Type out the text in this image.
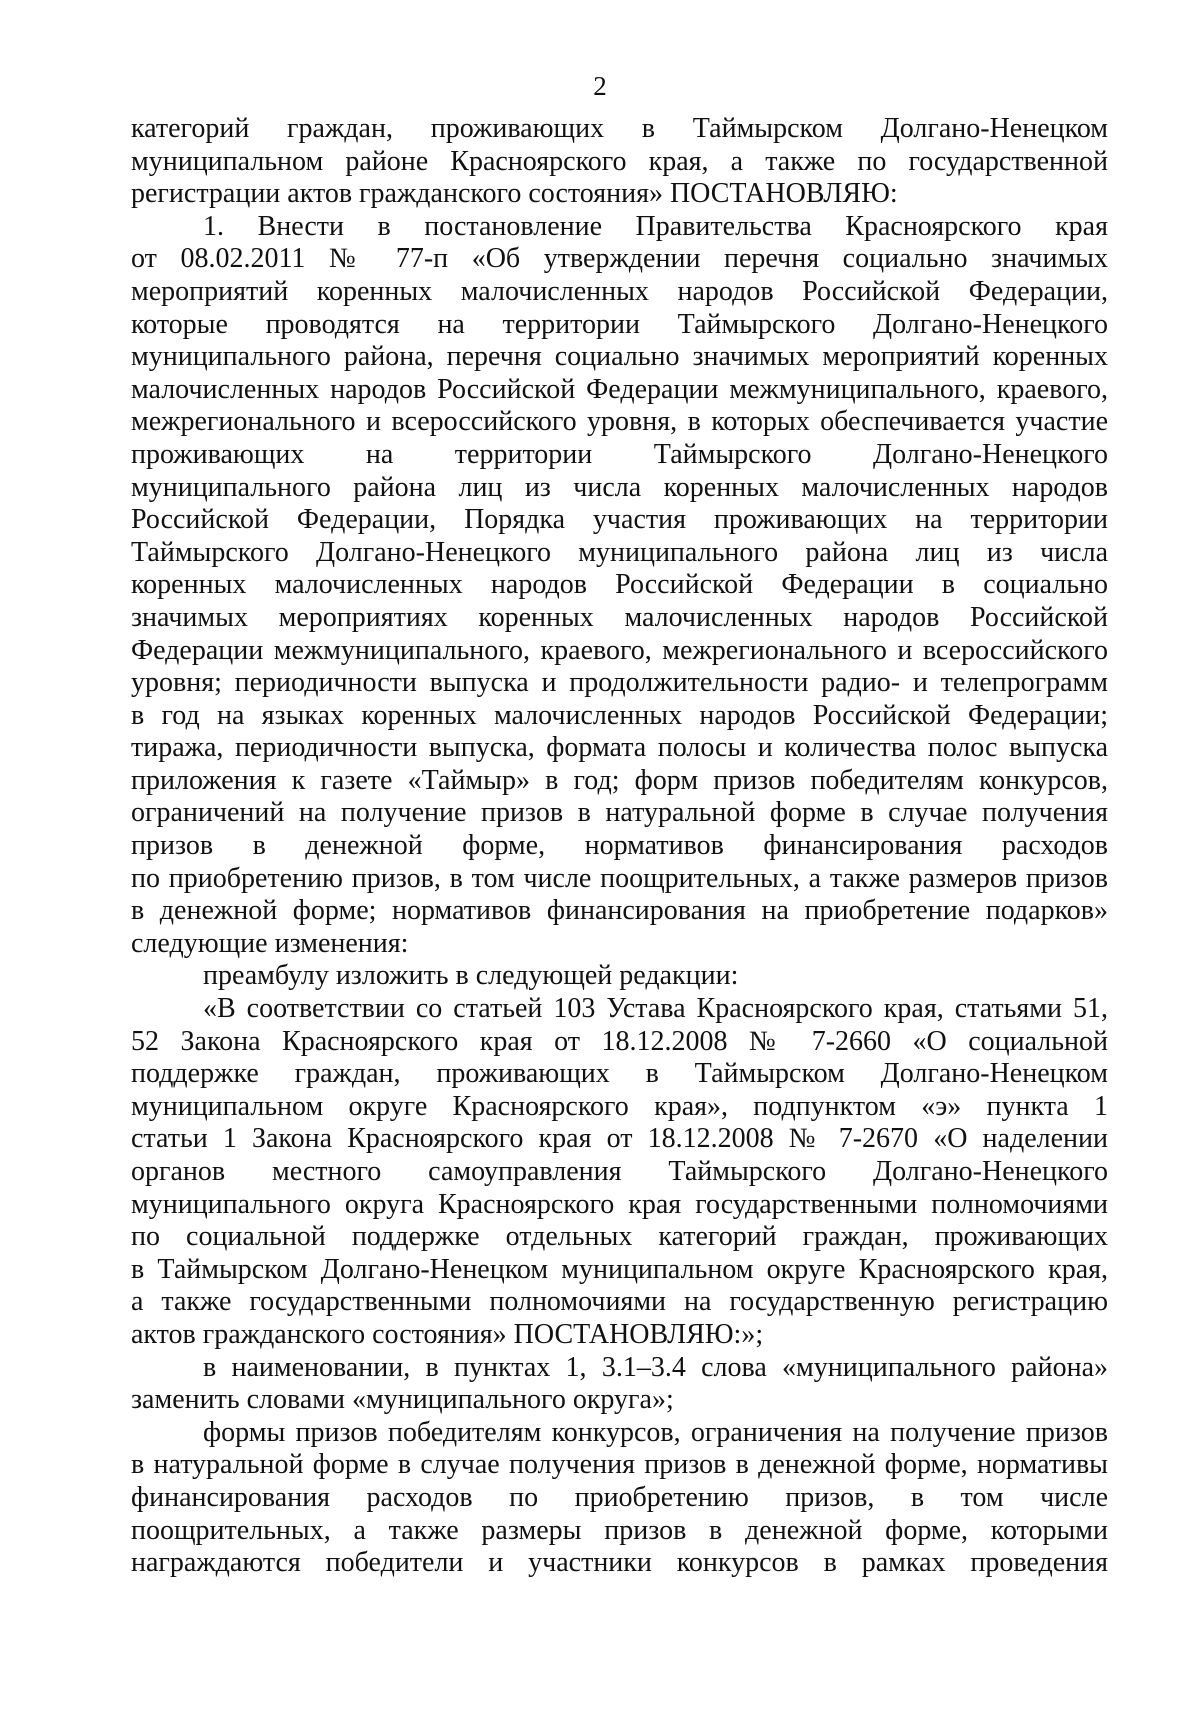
2
категорий граждан, проживающих в Таймырском Долгано-Ненецком
муниципальном районе Красноярского края, а также по государственной
регистрации актов гражданского состояния» ПОСТАНОВЛЯЮ:
1. Внести в постановление Правительства Красноярского края
от 08.02.2011 № 77-п «Об утверждении перечня социально значимых
мероприятий коренных малочисленных народов Российской Федерации,
которые проводятся на территории Таймырского Долгано-Ненецкого
муниципального района, перечня социально значимых мероприятий коренных
малочисленных народов Российской Федерации межмуниципального, краевого,
межрегионального и всероссийского уровня, в которых обеспечивается участие
проживающих на территории Таймырского Долгано-Ненецкого
муниципального района лиц из числа коренных малочисленных народов
Российской Федерации, Порядка участия проживающих на территории
Таймырского Долгано-Ненецкого муниципального района лиц из числа
коренных малочисленных народов Российской Федерации в социально
значимых мероприятиях коренных малочисленных народов Российской
Федерации межмуниципального, краевого, межрегионального и всероссийского
уровня; периодичности выпуска и продолжительности радио- и телепрограмм
в год на языках коренных малочисленных народов Российской Федерации;
тиража, периодичности выпуска, формата полосы и количества полос выпуска
приложения к газете «Таймыр» в год; форм призов победителям конкурсов,
ограничений на получение призов в натуральной форме в случае получения
призов в денежной форме, нормативов финансирования расходов
по приобретению призов, в том числе поощрительных, а также размеров призов
в денежной форме; нормативов финансирования на приобретение подарков»
следующие изменения:
преамбулу изложить в следующей редакции:
«В соответствии со статьей 103 Устава Красноярского края, статьями 51,
52 Закона Красноярского края от 18.12.2008 № 7-2660 «О социальной
поддержке граждан, проживающих в Таймырском Долгано-Ненецком
муниципальном округе Красноярского края», подпунктом «э» пункта 1
статьи 1 Закона Красноярского края от 18.12.2008 № 7-2670 «О наделении
органов местного самоуправления Таймырского Долгано-Ненецкого
муниципального округа Красноярского края государственными полномочиями
по социальной поддержке отдельных категорий граждан, проживающих
в Таймырском Долгано-Ненецком муниципальном округе Красноярского края,
а также государственными полномочиями на государственную регистрацию
актов гражданского состояния» ПОСТАНОВЛЯЮ:»;
в наименовании, в пунктах 1, 3.1–3.4 слова «муниципального района»
заменить словами «муниципального округа»;
формы призов победителям конкурсов, ограничения на получение призов
в натуральной форме в случае получения призов в денежной форме, нормативы
финансирования расходов по приобретению призов, в том числе
поощрительных, а также размеры призов в денежной форме, которыми
награждаются победители и участники конкурсов в рамках проведения
